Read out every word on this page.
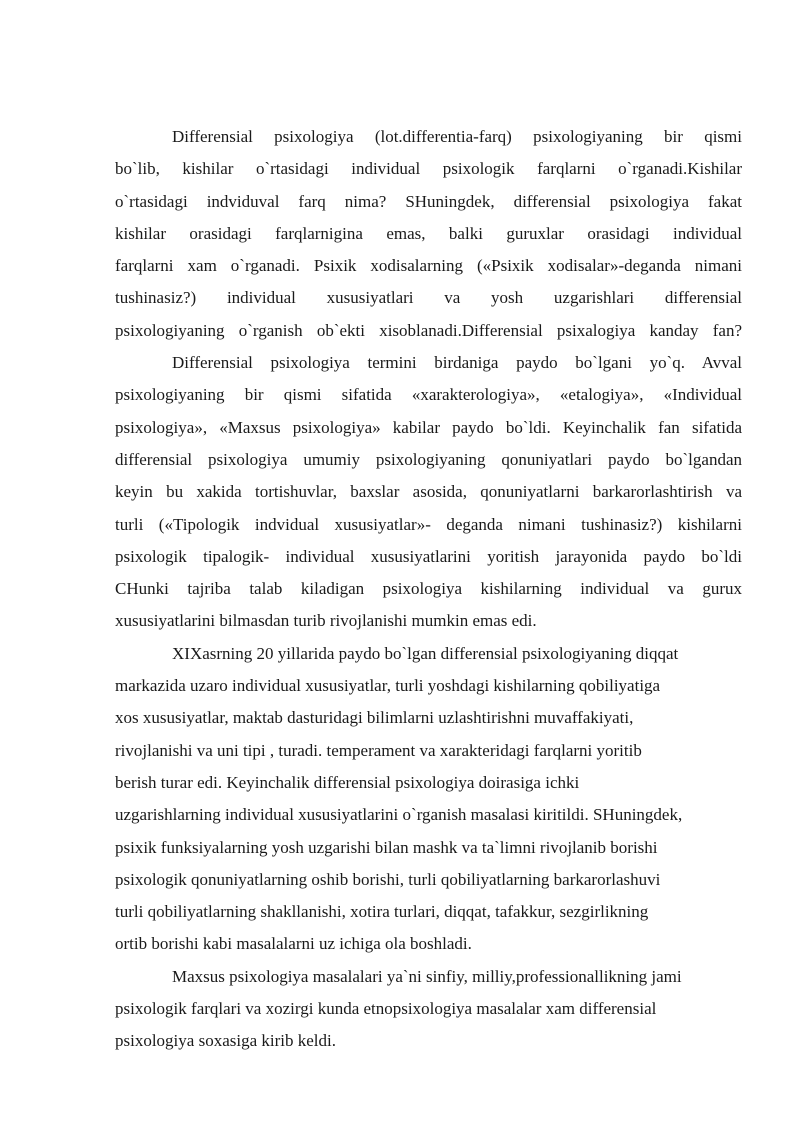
Differensial psixologiya (lot.differentia-farq) psixologiyaning bir qismi
bo`lib, kishilar o`rtasidagi individual psixologik farqlarni o`rganadi.Kishilar
o`rtasidagi indviduval farq nima? SHuningdek, differensial psixologiya fakat
kishilar orasidagi farqlarnigina emas, balki guruxlar orasidagi individual
farqlarni xam o`rganadi. Psixik xodisalarning («Psixik xodisalar»-deganda nimani
tushinasiz?) individual xususiyatlari va yosh uzgarishlari differensial
psixologiyaning o`rganish ob`ekti xisoblanadi.Differensial psixalogiya kanday fan?
Differensial psixologiya termini birdaniga paydo bo`lgani yo`q. Avval
psixologiyaning bir qismi sifatida «xarakterologiya», «etalogiya», «Individual
psixologiya», «Maxsus psixologiya» kabilar paydo bo`ldi. Keyinchalik fan sifatida
differensial psixologiya umumiy psixologiyaning qonuniyatlari paydo bo`lgandan
keyin bu xakida tortishuvlar, baxslar asosida, qonuniyatlarni barkarorlashtirish va
turli («Tipologik indvidual xususiyatlar»- deganda nimani tushinasiz?) kishilarni
psixologik tipalogik- individual xususiyatlarini yoritish jarayonida paydo bo`ldi
CHunki tajriba talab kiladigan psixologiya kishilarning individual va gurux
xususiyatlarini bilmasdan turib rivojlanishi mumkin emas edi.
XIXasrning 20 yillarida paydo bo`lgan differensial psixologiyaning diqqat
markazida uzaro individual xususiyatlar, turli yoshdagi kishilarning qobiliyatiga
xos xususiyatlar, maktab dasturidagi bilimlarni uzlashtirishni muvaffakiyati,
rivojlanishi va uni tipi , turadi. temperament va xarakteridagi farqlarni yoritib
berish turar edi. Keyinchalik differensial psixologiya doirasiga ichki
uzgarishlarning individual xususiyatlarini o`rganish masalasi kiritildi. SHuningdek,
psixik funksiyalarning yosh uzgarishi bilan mashk va ta`limni rivojlanib borishi
psixologik qonuniyatlarning oshib borishi, turli qobiliyatlarning barkarorlashuvi
turli qobiliyatlarning shakllanishi, xotira turlari, diqqat, tafakkur, sezgirlikning
ortib borishi kabi masalalarni uz ichiga ola boshladi.
Maxsus psixologiya masalalari ya`ni sinfiy, milliy,professionallikning jami
psixologik farqlari va xozirgi kunda etnopsixologiya masalalar xam differensial
psixologiya soxasiga kirib keldi.
